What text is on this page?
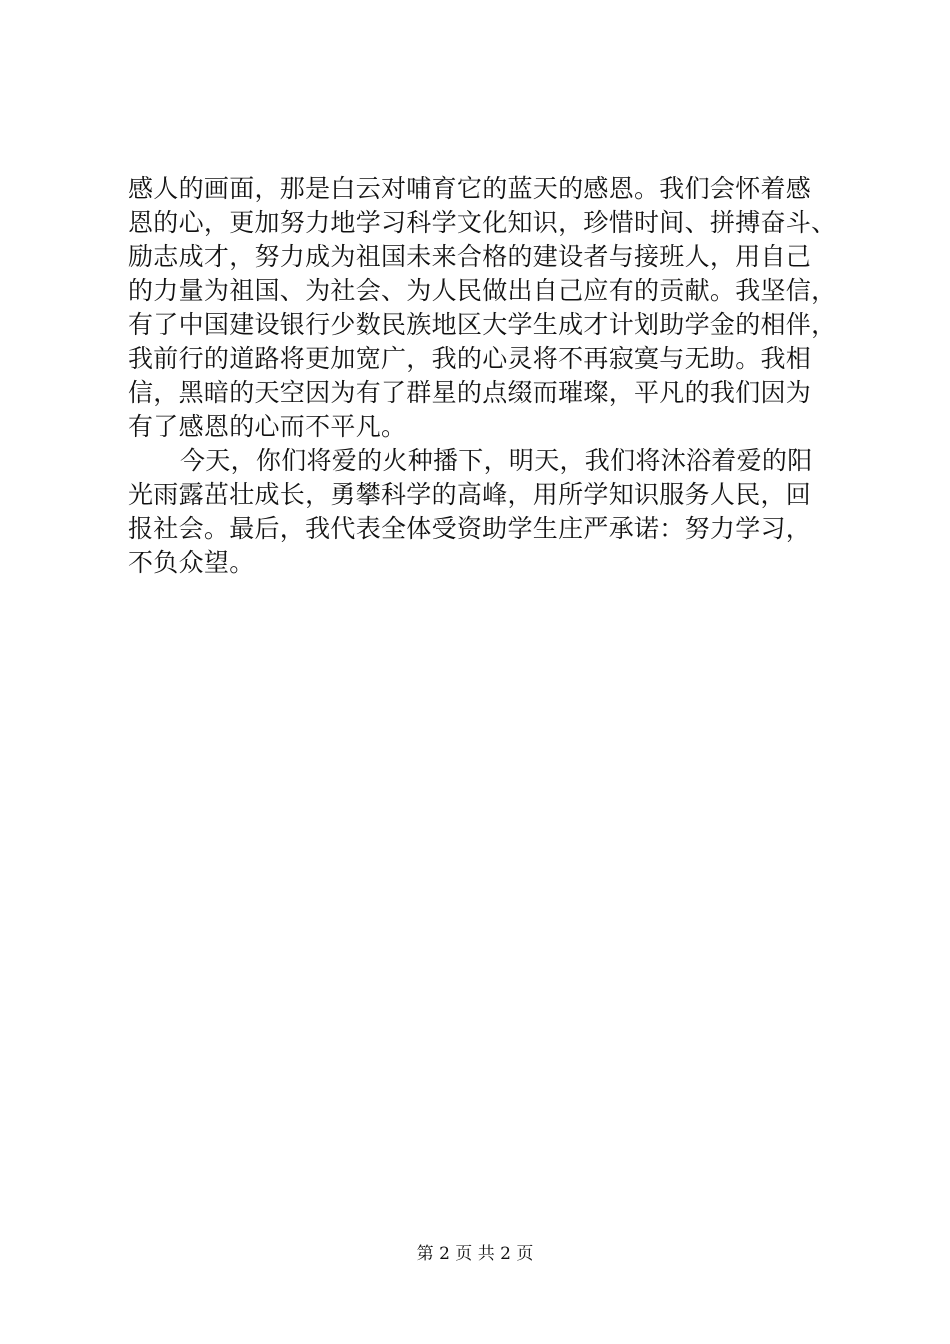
感人的画面，那是白云对哺育它的蓝天的感恩。我们会怀着感
恩的心，更加努力地学习科学文化知识，珍惜时间、拼搏奋斗、
励志成才，努力成为祖国未来合格的建设者与接班人，用自己
的力量为祖国、为社会、为人民做出自己应有的贡献。我坚信，
有了中国建设银行少数民族地区大学生成才计划助学金的相伴，
我前行的道路将更加宽广，我的心灵将不再寂寞与无助。我相
信，黑暗的天空因为有了群星的点缀而璀璨，平凡的我们因为
有了感恩的心而不平凡。
今天，你们将爱的火种播下，明天，我们将沐浴着爱的阳
光雨露茁壮成长，勇攀科学的高峰，用所学知识服务人民，回
报社会。最后，我代表全体受资助学生庄严承诺：努力学习，
不负众望。
第 2 页 共 2 页
